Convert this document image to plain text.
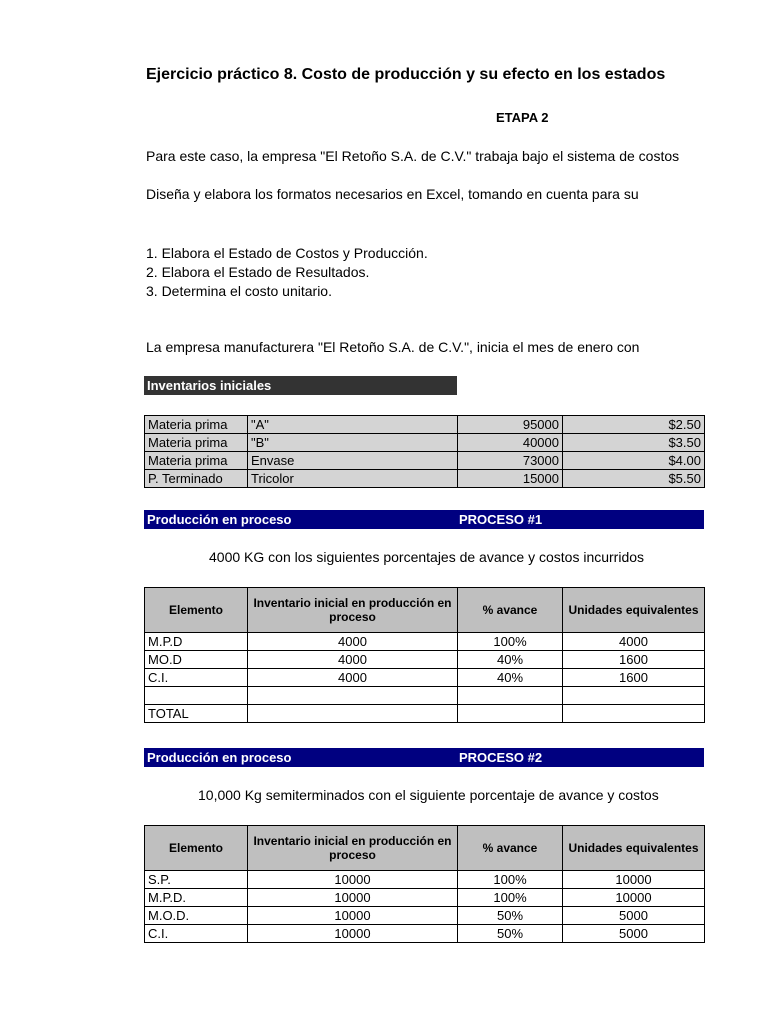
Ejercicio práctico 8. Costo de producción y su efecto en los estados
ETAPA 2
Para este caso, la empresa "El Retoño S.A. de C.V." trabaja bajo el sistema de costos
Diseña y elabora los formatos necesarios en Excel, tomando en cuenta para su
1. Elabora el Estado de Costos y Producción.
2. Elabora el Estado de Resultados.
3. Determina el costo unitario.
La empresa manufacturera "El Retoño S.A. de C.V.", inicia el mes de enero con
Inventarios iniciales
Materia prima	"A"	95000	$2.50
Materia prima	"B"	40000	$3.50
Materia prima	Envase	73000	$4.00
P. Terminado	Tricolor	15000	$5.50
Producción en proceso	PROCESO #1
4000 KG con los siguientes porcentajes de avance y costos incurridos
Elemento	Inventario inicial en producción en proceso	% avance	Unidades equivalentes
M.P.D	4000	100%	4000
MO.D	4000	40%	1600
C.I.	4000	40%	1600

TOTAL			
Producción en proceso	PROCESO #2
10,000 Kg semiterminados con el siguiente porcentaje de avance y costos
Elemento	Inventario inicial en producción en proceso	% avance	Unidades equivalentes
S.P.	10000	100%	10000
M.P.D.	10000	100%	10000
M.O.D.	10000	50%	5000
C.I.	10000	50%	5000
